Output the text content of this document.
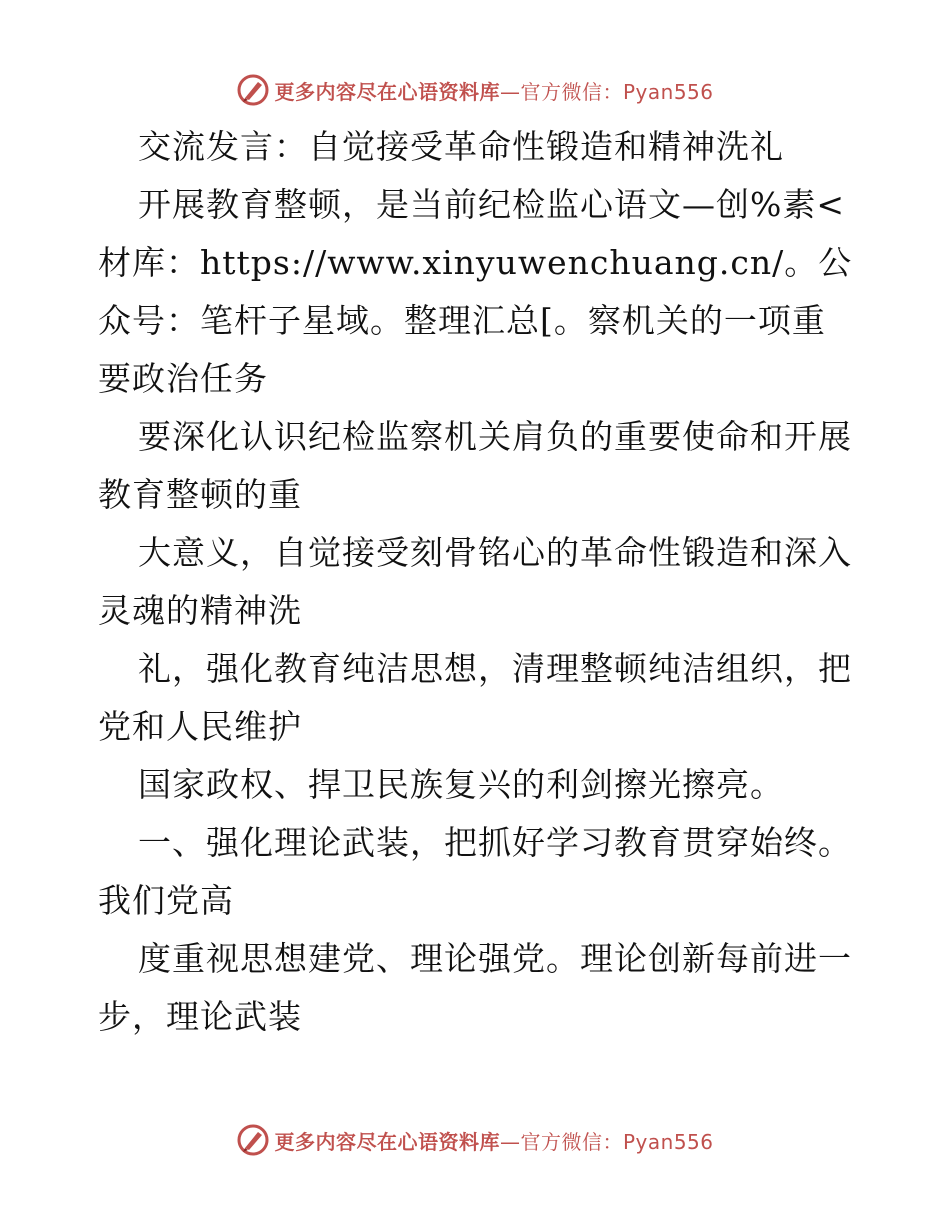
更多内容尽在心语资料库—官方微信：Pyan556

交流发言：自觉接受革命性锻造和精神洗礼

开展教育整顿，是当前纪检监心语文—创%素<材库：https://www.xinyuwenchuang.cn/。公众号：笔杆子星域。整理汇总[。察机关的一项重要政治任务

要深化认识纪检监察机关肩负的重要使命和开展教育整顿的重

大意义，自觉接受刻骨铭心的革命性锻造和深入灵魂的精神洗

礼，强化教育纯洁思想，清理整顿纯洁组织，把党和人民维护

国家政权、捍卫民族复兴的利剑擦光擦亮。

一、强化理论武装，把抓好学习教育贯穿始终。我们党高

度重视思想建党、理论强党。理论创新每前进一步，理论武装

更多内容尽在心语资料库—官方微信：Pyan556
